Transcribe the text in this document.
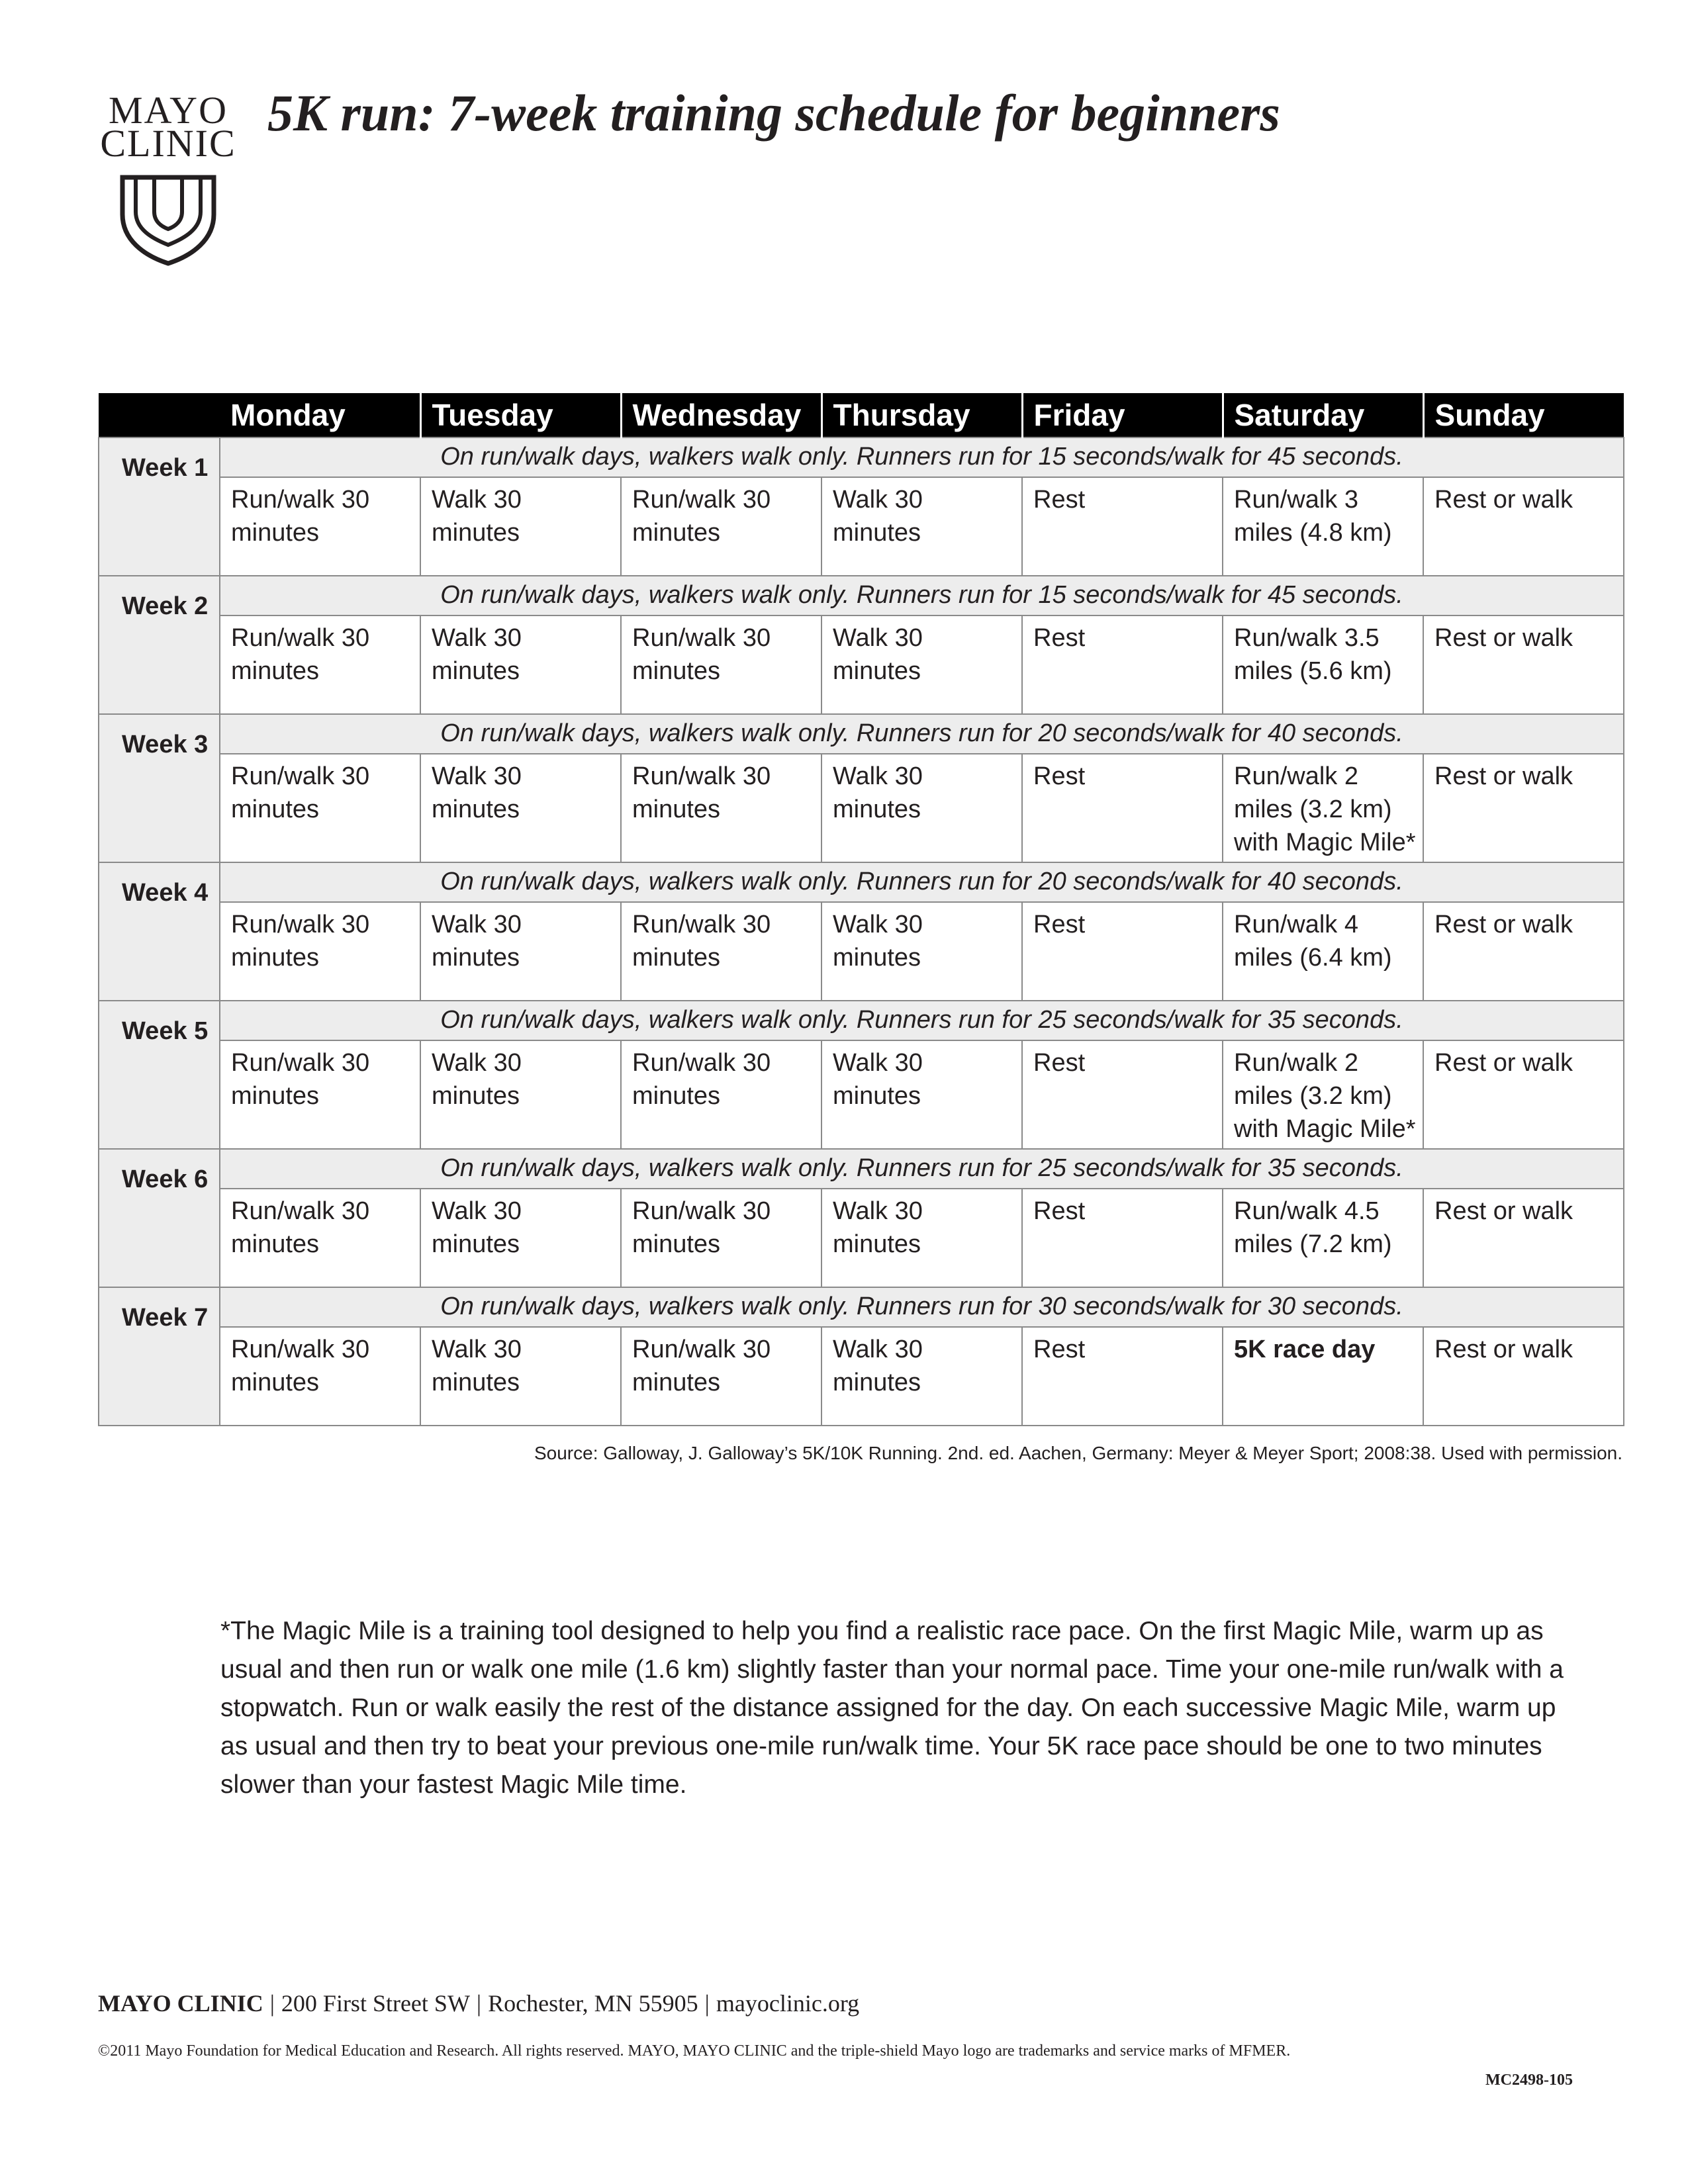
MAYO
CLINIC
5K run: 7-week training schedule for beginners
	Monday	Tuesday	Wednesday	Thursday	Friday	Saturday	Sunday
Week 1	On run/walk days, walkers walk only. Runners run for 15 seconds/walk for 45 seconds.						
	Run/walk 30 minutes	Walk 30 minutes	Run/walk 30 minutes	Walk 30 minutes	Rest	Run/walk 3 miles (4.8 km)	Rest or walk
Week 2	On run/walk days, walkers walk only. Runners run for 15 seconds/walk for 45 seconds.						
	Run/walk 30 minutes	Walk 30 minutes	Run/walk 30 minutes	Walk 30 minutes	Rest	Run/walk 3.5 miles (5.6 km)	Rest or walk
Week 3	On run/walk days, walkers walk only. Runners run for 20 seconds/walk for 40 seconds.						
	Run/walk 30 minutes	Walk 30 minutes	Run/walk 30 minutes	Walk 30 minutes	Rest	Run/walk 2 miles (3.2 km) with Magic Mile*	Rest or walk
Week 4	On run/walk days, walkers walk only. Runners run for 20 seconds/walk for 40 seconds.						
	Run/walk 30 minutes	Walk 30 minutes	Run/walk 30 minutes	Walk 30 minutes	Rest	Run/walk 4 miles (6.4 km)	Rest or walk
Week 5	On run/walk days, walkers walk only. Runners run for 25 seconds/walk for 35 seconds.						
	Run/walk 30 minutes	Walk 30 minutes	Run/walk 30 minutes	Walk 30 minutes	Rest	Run/walk 2 miles (3.2 km) with Magic Mile*	Rest or walk
Week 6	On run/walk days, walkers walk only. Runners run for 25 seconds/walk for 35 seconds.						
	Run/walk 30 minutes	Walk 30 minutes	Run/walk 30 minutes	Walk 30 minutes	Rest	Run/walk 4.5 miles (7.2 km)	Rest or walk
Week 7	On run/walk days, walkers walk only. Runners run for 30 seconds/walk for 30 seconds.						
	Run/walk 30 minutes	Walk 30 minutes	Run/walk 30 minutes	Walk 30 minutes	Rest	5K race day	Rest or walk

Source: Galloway, J. Galloway’s 5K/10K Running. 2nd. ed. Aachen, Germany: Meyer & Meyer Sport; 2008:38. Used with permission.

*The Magic Mile is a training tool designed to help you find a realistic race pace. On the first Magic Mile, warm up as usual and then run or walk one mile (1.6 km) slightly faster than your normal pace. Time your one-mile run/walk with a stopwatch. Run or walk easily the rest of the distance assigned for the day. On each successive Magic Mile, warm up as usual and then try to beat your previous one-mile run/walk time. Your 5K race pace should be one to two minutes slower than your fastest Magic Mile time.

MAYO CLINIC | 200 First Street SW | Rochester, MN 55905 | mayoclinic.org

©2011 Mayo Foundation for Medical Education and Research. All rights reserved. MAYO, MAYO CLINIC and the triple-shield Mayo logo are trademarks and service marks of MFMER.

MC2498-105
